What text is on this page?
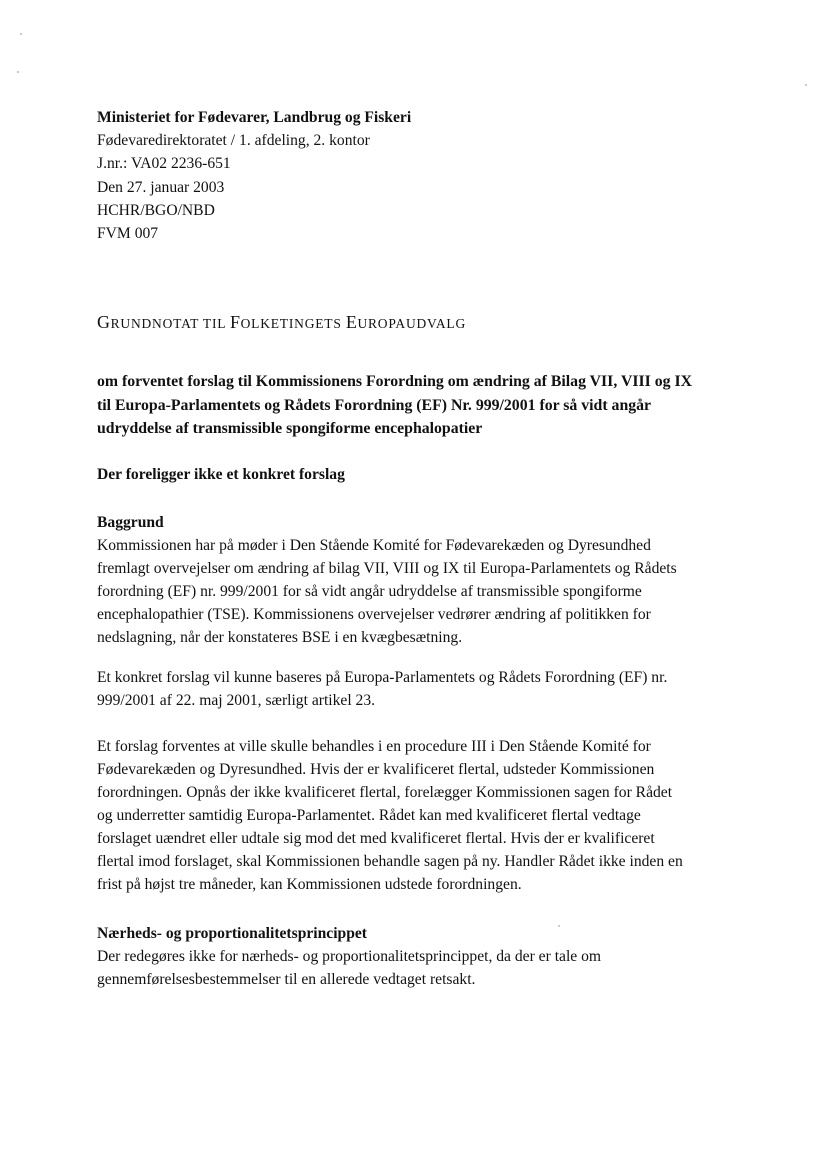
Ministeriet for Fødevarer, Landbrug og Fiskeri
Fødevaredirektoratet / 1. afdeling, 2. kontor
J.nr.: VA02 2236-651
Den 27. januar 2003
HCHR/BGO/NBD
FVM 007
GRUNDNOTAT TIL FOLKETINGETS EUROPAUDVALG
om forventet forslag til Kommissionens Forordning om ændring af Bilag VII, VIII og IX
til Europa-Parlamentets og Rådets Forordning (EF) Nr. 999/2001 for så vidt angår
udryddelse af transmissible spongiforme encephalopatier
Der foreligger ikke et konkret forslag
Baggrund
Kommissionen har på møder i Den Stående Komité for Fødevarekæden og Dyresundhed
fremlagt overvejelser om ændring af bilag VII, VIII og IX til Europa-Parlamentets og Rådets
forordning (EF) nr. 999/2001 for så vidt angår udryddelse af transmissible spongiforme
encephalopathier (TSE). Kommissionens overvejelser vedrører ændring af politikken for
nedslagning, når der konstateres BSE i en kvægbesætning.
Et konkret forslag vil kunne baseres på Europa-Parlamentets og Rådets Forordning (EF) nr.
999/2001 af 22. maj 2001, særligt artikel 23.
Et forslag forventes at ville skulle behandles i en procedure III i Den Stående Komité for
Fødevarekæden og Dyresundhed. Hvis der er kvalificeret flertal, udsteder Kommissionen
forordningen. Opnås der ikke kvalificeret flertal, forelægger Kommissionen sagen for Rådet
og underretter samtidig Europa-Parlamentet. Rådet kan med kvalificeret flertal vedtage
forslaget uændret eller udtale sig mod det med kvalificeret flertal. Hvis der er kvalificeret
flertal imod forslaget, skal Kommissionen behandle sagen på ny. Handler Rådet ikke inden en
frist på højst tre måneder, kan Kommissionen udstede forordningen.
Nærheds- og proportionalitetsprincippet
Der redegøres ikke for nærheds- og proportionalitetsprincippet, da der er tale om
gennemførelsesbestemmelser til en allerede vedtaget retsakt.
